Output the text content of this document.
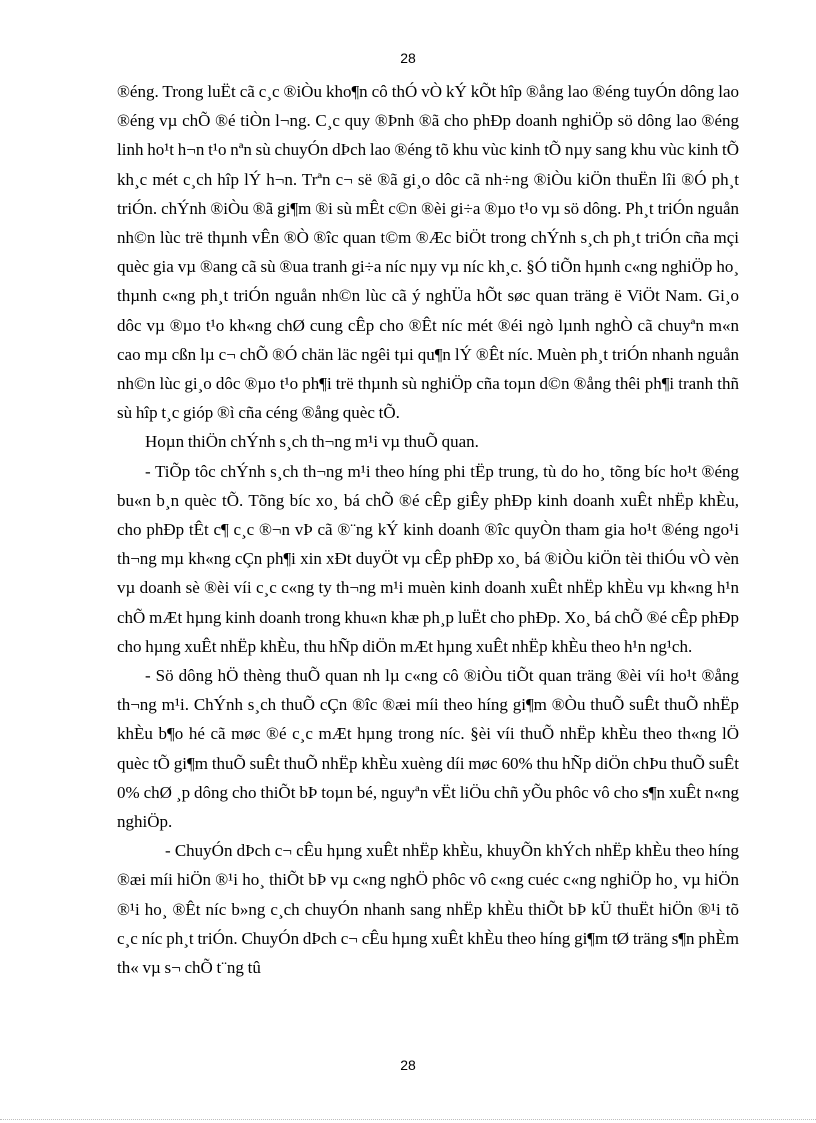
28

®éng. Trong luËt cã c¸c ®iÒu kho¶n cô thÓ vÒ kÝ kÕt hîp ®ång lao ®éng tuyÓn dông lao ®éng vµ chÕ ®é tiÒn l¬ng. C¸c quy ®Þnh ®ã cho phÐp doanh nghiÖp sö dông lao ®éng linh ho¹t h¬n t¹o nªn sù chuyÓn dÞch lao ®éng tõ khu vùc kinh tÕ nµy sang khu vùc kinh tÕ kh¸c mét c¸ch hîp lÝ h¬n. Trªn c¬ së ®ã gi¸o dôc cã nh÷ng ®iÒu kiÖn thuËn lîi ®Ó ph¸t triÓn. chÝnh ®iÒu ®ã gi¶m ®i sù mÊt c©n ®èi gi÷a ®µo t¹o vµ sö dông. Ph¸t triÓn nguån nh©n lùc trë thµnh vÊn ®Ò ®îc quan t©m ®Æc biÖt trong chÝnh s¸ch ph¸t triÓn cña mçi quèc gia vµ ®ang cã sù ®ua tranh gi÷a níc nµy vµ níc kh¸c. §Ó tiÕn hµnh c«ng nghiÖp ho¸ thµnh c«ng ph¸t triÓn nguån nh©n lùc cã ý nghÜa hÕt søc quan träng ë ViÖt Nam. Gi¸o dôc vµ ®µo t¹o kh«ng chØ cung cÊp cho ®Êt níc mét ®éi ngò lµnh nghÒ cã chuyªn m«n cao mµ cßn lµ c¬ chÕ ®Ó chän läc ngêi tµi qu¶n lÝ ®Êt níc. Muèn ph¸t triÓn nhanh nguån nh©n lùc gi¸o dôc ®µo t¹o ph¶i trë thµnh sù nghiÖp cña toµn d©n ®ång thêi ph¶i tranh thñ sù hîp t¸c gióp ®ì cña céng ®ång quèc tÕ.

Hoµn thiÖn chÝnh s¸ch th¬ng m¹i vµ thuÕ quan.

- TiÕp tôc chÝnh s¸ch th¬ng m¹i theo híng phi tËp trung, tù do ho¸ tõng bíc ho¹t ®éng bu«n b¸n quèc tÕ. Tõng bíc xo¸ bá chÕ ®é cÊp giÊy phÐp kinh doanh xuÊt nhËp khÈu, cho phÐp tÊt c¶ c¸c ®¬n vÞ cã ®¨ng kÝ kinh doanh ®îc quyÒn tham gia ho¹t ®éng ngo¹i th¬ng mµ kh«ng cÇn ph¶i xin xÐt duyÖt vµ cÊp phÐp xo¸ bá ®iÒu kiÖn tèi thiÓu vÒ vèn vµ doanh sè ®èi víi c¸c c«ng ty th¬ng m¹i muèn kinh doanh xuÊt nhËp khÈu vµ kh«ng h¹n chÕ mÆt hµng kinh doanh trong khu«n khæ ph¸p luËt cho phÐp. Xo¸ bá chÕ ®é cÊp phÐp cho hµng xuÊt nhËp khÈu, thu hÑp diÖn mÆt hµng xuÊt nhËp khÈu theo h¹n ng¹ch.

- Sö dông hÖ thèng thuÕ quan nh lµ c«ng cô ®iÒu tiÕt quan träng ®èi víi ho¹t ®ång th¬ng m¹i. ChÝnh s¸ch thuÕ cÇn ®îc ®æi míi theo híng gi¶m ®Òu thuÕ suÊt thuÕ nhËp khÈu b¶o hé cã møc ®é c¸c mÆt hµng trong níc. §èi víi thuÕ nhËp khÈu theo th«ng lÖ quèc tÕ gi¶m thuÕ suÊt thuÕ nhËp khÈu xuèng díi møc 60% thu hÑp diÖn chÞu thuÕ suÊt 0% chØ ¸p dông cho thiÕt bÞ toµn bé, nguyªn vËt liÖu chñ yÕu phôc vô cho s¶n xuÊt n«ng nghiÖp.

- ChuyÓn dÞch c¬ cÊu hµng xuÊt nhËp khÈu, khuyÕn khÝch nhËp khÈu theo híng ®æi míi hiÖn ®¹i ho¸ thiÕt bÞ vµ c«ng nghÖ phôc vô c«ng cuéc c«ng nghiÖp ho¸ vµ hiÖn ®¹i ho¸ ®Êt níc b»ng c¸ch chuyÓn nhanh sang nhËp khÈu thiÕt bÞ kÜ thuËt hiÖn ®¹i tõ c¸c níc ph¸t triÓn. ChuyÓn dÞch c¬ cÊu hµng xuÊt khÈu theo híng gi¶m tØ träng s¶n phÈm th« vµ s¬ chÕ t¨ng tû

28
